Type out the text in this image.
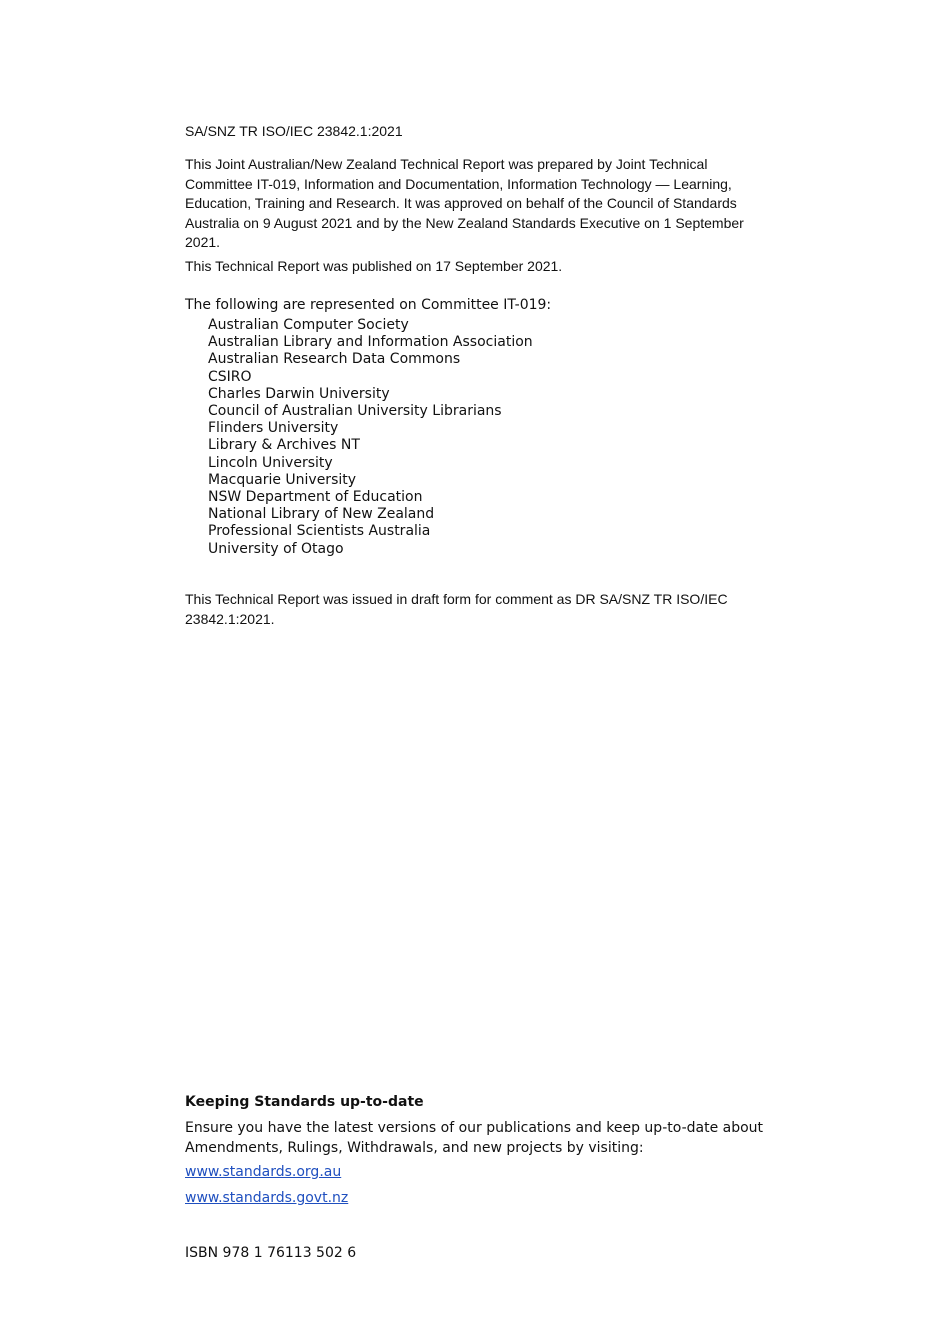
SA/SNZ TR ISO/IEC 23842.1:2021
This Joint Australian/New Zealand Technical Report was prepared by Joint Technical Committee IT-019, Information and Documentation, Information Technology — Learning, Education, Training and Research. It was approved on behalf of the Council of Standards Australia on 9 August 2021 and by the New Zealand Standards Executive on 1 September 2021.
This Technical Report was published on 17 September 2021.
The following are represented on Committee IT-019:
Australian Computer Society
Australian Library and Information Association
Australian Research Data Commons
CSIRO
Charles Darwin University
Council of Australian University Librarians
Flinders University
Library & Archives NT
Lincoln University
Macquarie University
NSW Department of Education
National Library of New Zealand
Professional Scientists Australia
University of Otago
This Technical Report was issued in draft form for comment as DR SA/SNZ TR ISO/IEC 23842.1:2021.
Keeping Standards up-to-date
Ensure you have the latest versions of our publications and keep up-to-date about Amendments, Rulings, Withdrawals, and new projects by visiting:
www.standards.org.au
www.standards.govt.nz
ISBN 978 1 76113 502 6
